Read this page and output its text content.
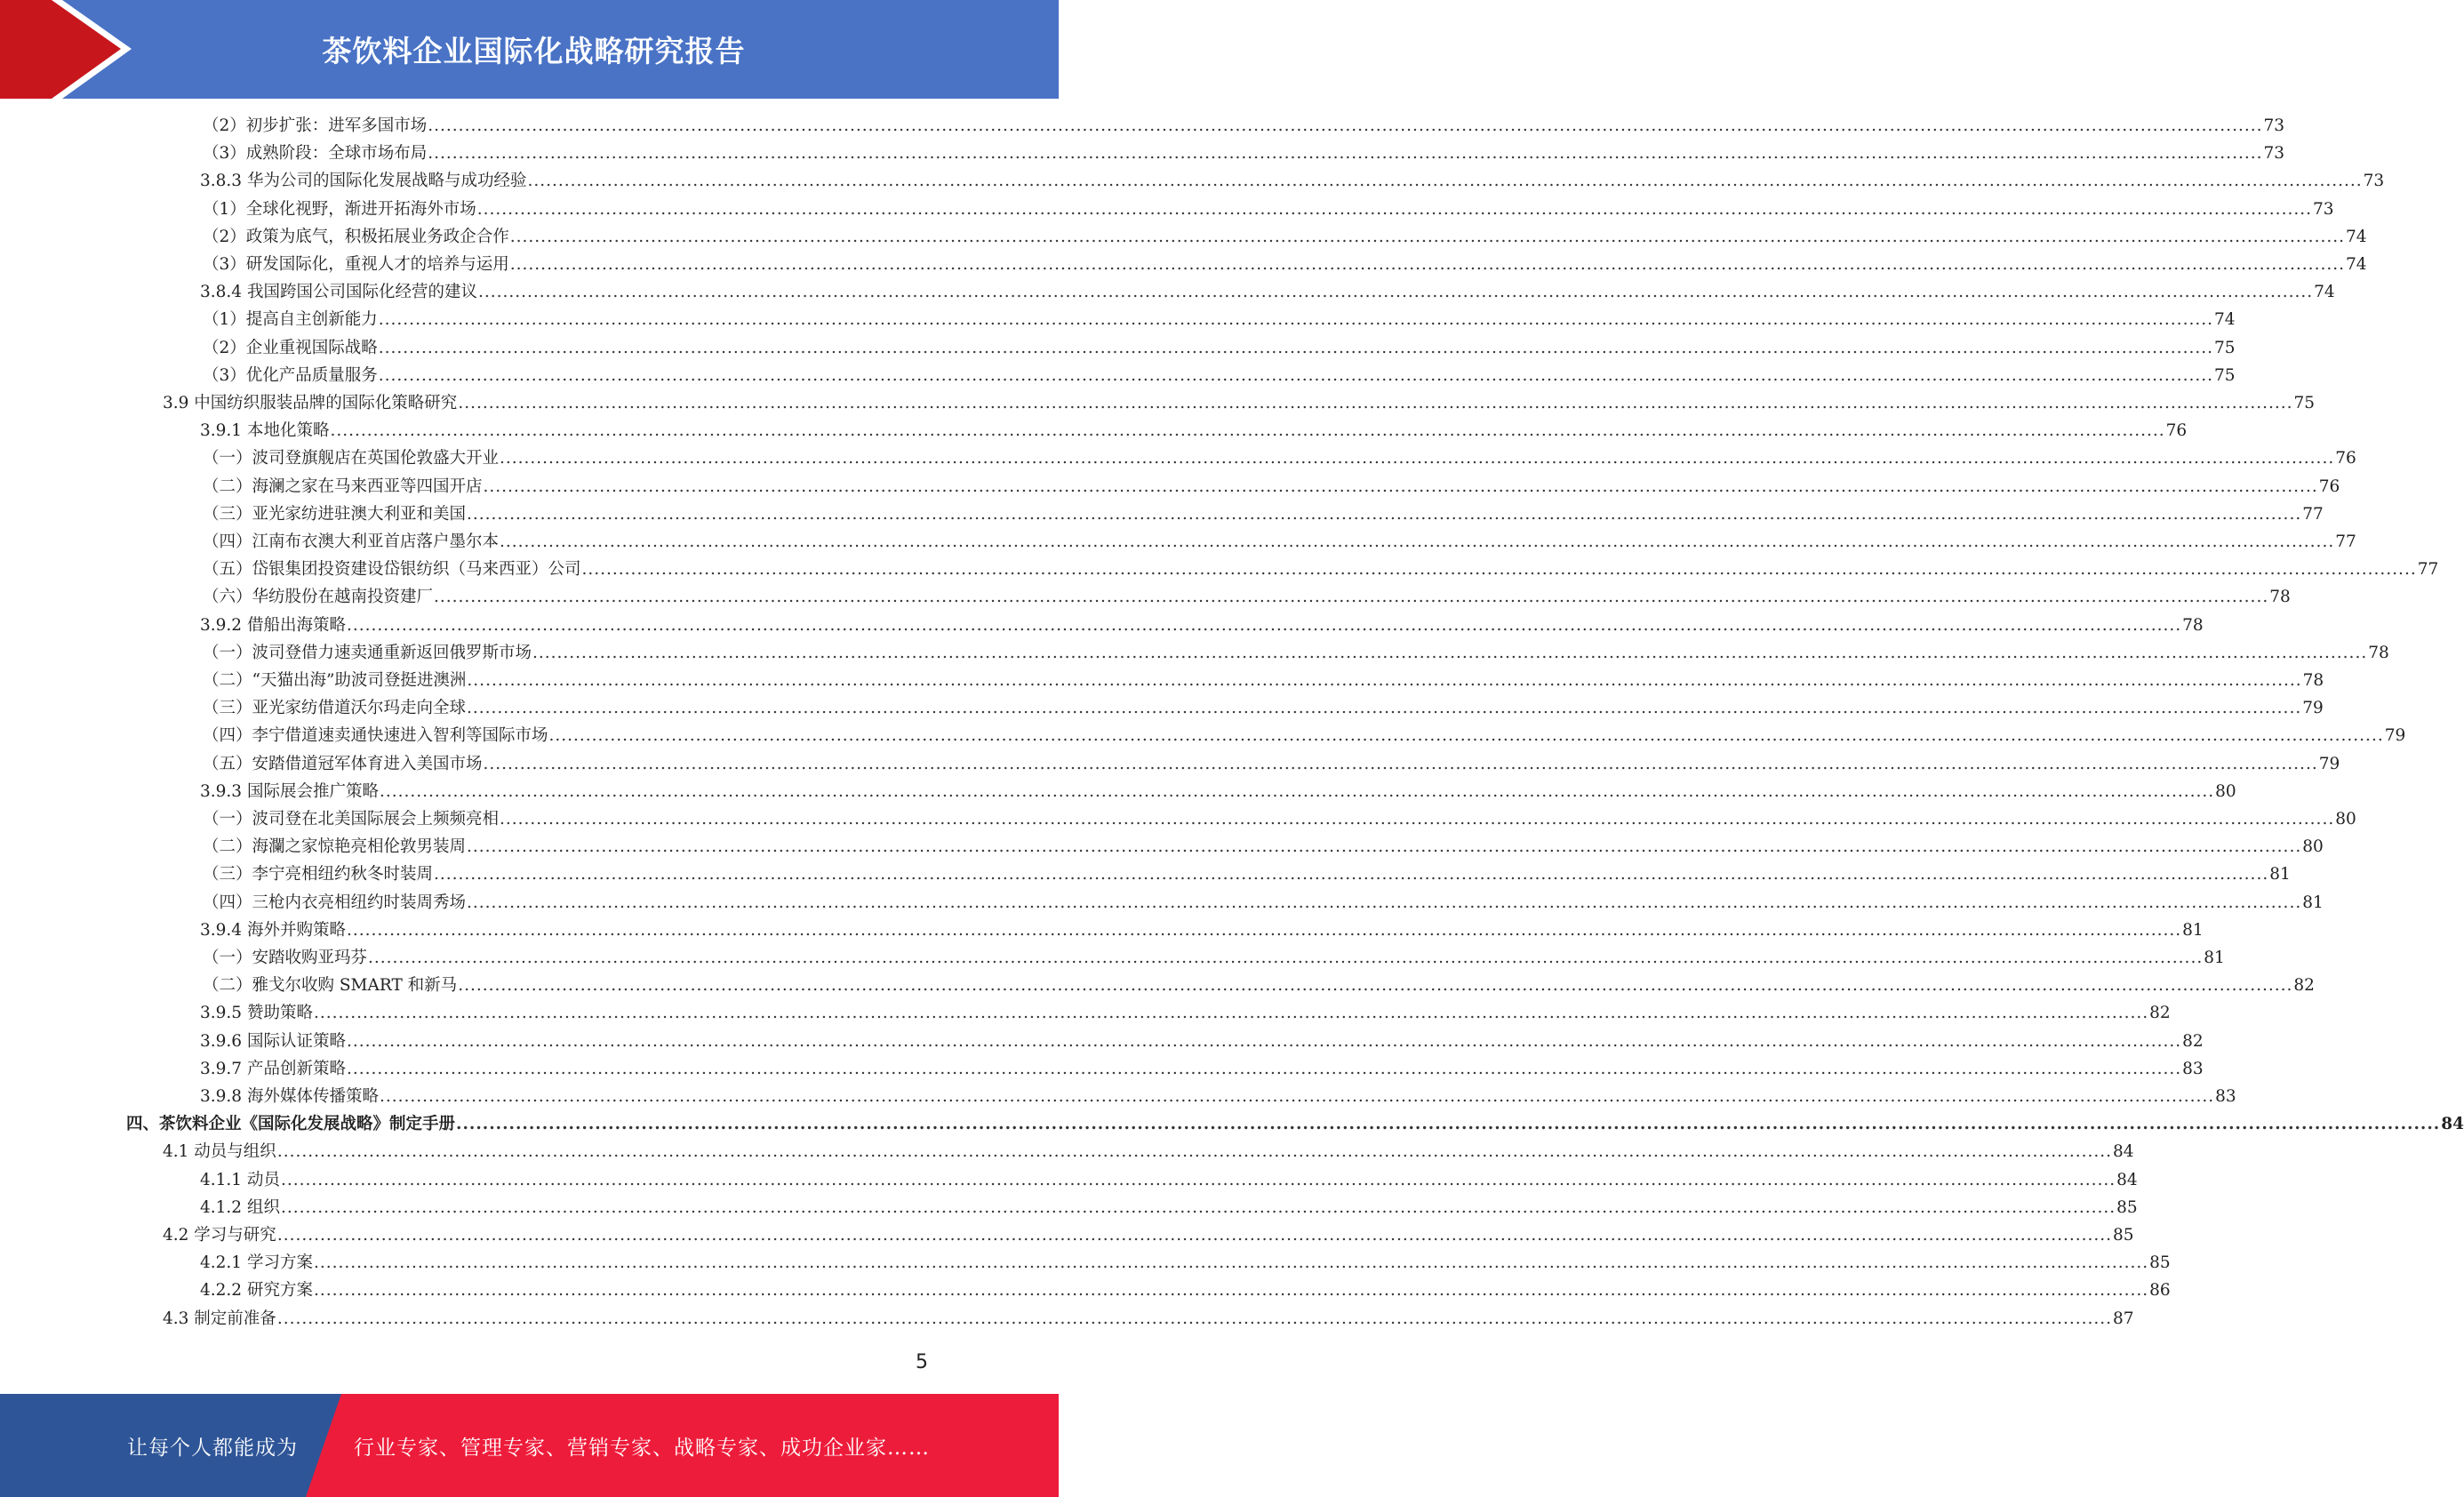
茶饮料企业国际化战略研究报告
（2）初步扩张：进军多国市场 ............................................................................................................................................................................................................................................................................................................ 73
（3）成熟阶段：全球市场布局 ............................................................................................................................................................................................................................................................................................................ 73
3.8.3 华为公司的国际化发展战略与成功经验 ............................................................................................................................................................................................................................................................................................................ 73
（1）全球化视野，渐进开拓海外市场 ............................................................................................................................................................................................................................................................................................................ 73
（2）政策为底气，积极拓展业务政企合作 ............................................................................................................................................................................................................................................................................................................ 74
（3）研发国际化，重视人才的培养与运用 ............................................................................................................................................................................................................................................................................................................ 74
3.8.4 我国跨国公司国际化经营的建议 ............................................................................................................................................................................................................................................................................................................ 74
（1）提高自主创新能力 ............................................................................................................................................................................................................................................................................................................ 74
（2）企业重视国际战略 ............................................................................................................................................................................................................................................................................................................ 75
（3）优化产品质量服务 ............................................................................................................................................................................................................................................................................................................ 75
3.9 中国纺织服装品牌的国际化策略研究 ............................................................................................................................................................................................................................................................................................................ 75
3.9.1 本地化策略 ............................................................................................................................................................................................................................................................................................................ 76
（一）波司登旗舰店在英国伦敦盛大开业 ............................................................................................................................................................................................................................................................................................................ 76
（二）海澜之家在马来西亚等四国开店 ............................................................................................................................................................................................................................................................................................................ 76
（三）亚光家纺进驻澳大利亚和美国 ............................................................................................................................................................................................................................................................................................................ 77
（四）江南布衣澳大利亚首店落户墨尔本 ............................................................................................................................................................................................................................................................................................................ 77
（五）岱银集团投资建设岱银纺织（马来西亚）公司 ............................................................................................................................................................................................................................................................................................................ 77
（六）华纺股份在越南投资建厂 ............................................................................................................................................................................................................................................................................................................ 78
3.9.2 借船出海策略 ............................................................................................................................................................................................................................................................................................................ 78
（一）波司登借力速卖通重新返回俄罗斯市场 ............................................................................................................................................................................................................................................................................................................ 78
（二）“天猫出海”助波司登挺进澳洲 ............................................................................................................................................................................................................................................................................................................ 78
（三）亚光家纺借道沃尔玛走向全球 ............................................................................................................................................................................................................................................................................................................ 79
（四）李宁借道速卖通快速进入智利等国际市场 ............................................................................................................................................................................................................................................................................................................ 79
（五）安踏借道冠军体育进入美国市场 ............................................................................................................................................................................................................................................................................................................ 79
3.9.3 国际展会推广策略 ............................................................................................................................................................................................................................................................................................................ 80
（一）波司登在北美国际展会上频频亮相 ............................................................................................................................................................................................................................................................................................................ 80
（二）海瀾之家惊艳亮相伦敦男装周 ............................................................................................................................................................................................................................................................................................................ 80
（三）李宁亮相纽约秋冬时装周 ............................................................................................................................................................................................................................................................................................................ 81
（四）三枪内衣亮相纽约时装周秀场 ............................................................................................................................................................................................................................................................................................................ 81
3.9.4 海外并购策略 ............................................................................................................................................................................................................................................................................................................ 81
（一）安踏收购亚玛芬 ............................................................................................................................................................................................................................................................................................................ 81
（二）雅戈尔收购 SMART 和新马 ............................................................................................................................................................................................................................................................................................................ 82
3.9.5 赞助策略 ............................................................................................................................................................................................................................................................................................................ 82
3.9.6 国际认证策略 ............................................................................................................................................................................................................................................................................................................ 82
3.9.7 产品创新策略 ............................................................................................................................................................................................................................................................................................................ 83
3.9.8 海外媒体传播策略 ............................................................................................................................................................................................................................................................................................................ 83
四、茶饮料企业《国际化发展战略》制定手册 ............................................................................................................................................................................................................................................................................................................ 84
4.1 动员与组织 ............................................................................................................................................................................................................................................................................................................ 84
4.1.1 动员 ............................................................................................................................................................................................................................................................................................................ 84
4.1.2 组织 ............................................................................................................................................................................................................................................................................................................ 85
4.2 学习与研究 ............................................................................................................................................................................................................................................................................................................ 85
4.2.1 学习方案 ............................................................................................................................................................................................................................................................................................................ 85
4.2.2 研究方案 ............................................................................................................................................................................................................................................................................................................ 86
4.3 制定前准备 ............................................................................................................................................................................................................................................................................................................ 87
5
让每个人都能成为	行业专家、管理专家、营销专家、战略专家、成功企业家……
